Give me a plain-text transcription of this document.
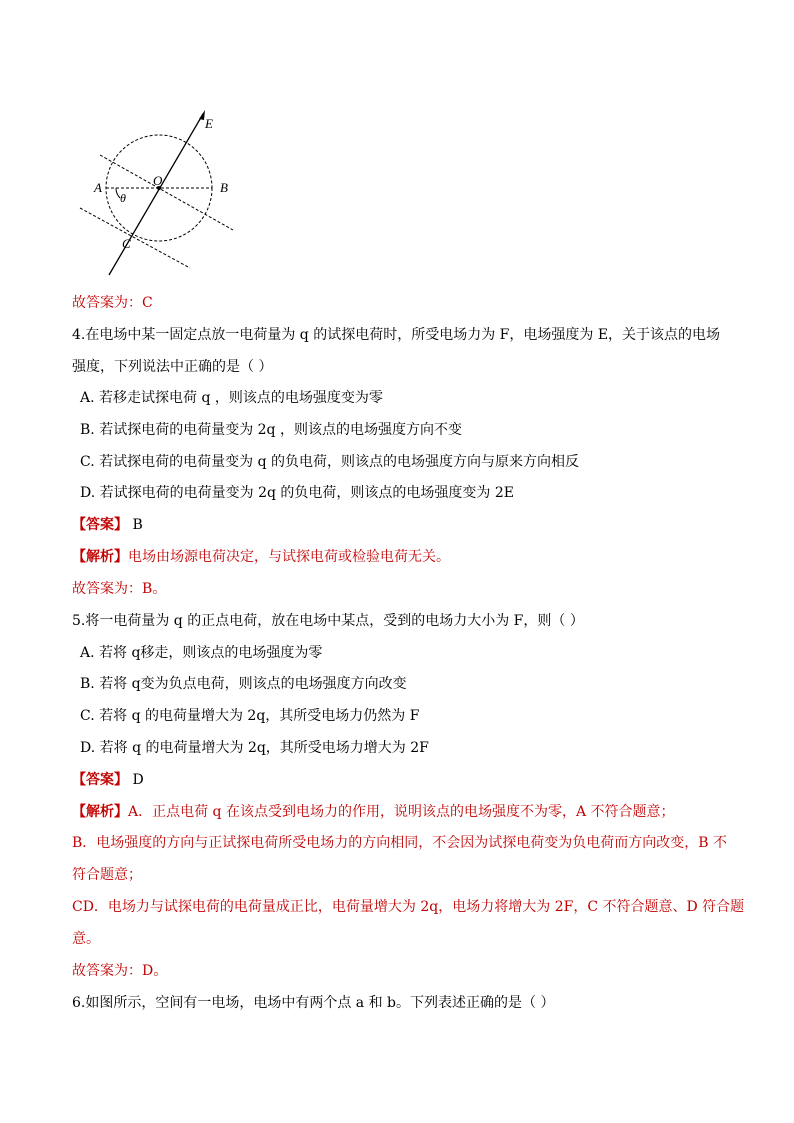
E
O
A	B
C
θ
故答案为：C
4.在电场中某一固定点放一电荷量为 q 的试探电荷时，所受电场力为 F，电场强度为 E，关于该点的电场
强度，下列说法中正确的是（ ）
A. 若移走试探电荷 q ，则该点的电场强度变为零
B. 若试探电荷的电荷量变为 2q ，则该点的电场强度方向不变
C. 若试探电荷的电荷量变为 q 的负电荷，则该点的电场强度方向与原来方向相反
D. 若试探电荷的电荷量变为 2q 的负电荷，则该点的电场强度变为 2E
【答案】 B
【解析】电场由场源电荷决定，与试探电荷或检验电荷无关。
故答案为：B。
5.将一电荷量为 q 的正点电荷，放在电场中某点，受到的电场力大小为 F，则（ ）
A. 若将 q移走，则该点的电场强度为零
B. 若将 q变为负点电荷，则该点的电场强度方向改变
C. 若将 q 的电荷量增大为 2q，其所受电场力仍然为 F
D. 若将 q 的电荷量增大为 2q，其所受电场力增大为 2F
【答案】 D
【解析】A．正点电荷 q 在该点受到电场力的作用，说明该点的电场强度不为零，A 不符合题意；
B．电场强度的方向与正试探电荷所受电场力的方向相同，不会因为试探电荷变为负电荷而方向改变，B 不
符合题意；
CD．电场力与试探电荷的电荷量成正比，电荷量增大为 2q，电场力将增大为 2F，C 不符合题意、D 符合题
意。
故答案为：D。
6.如图所示，空间有一电场，电场中有两个点 a 和 b。下列表述正确的是（ ）
